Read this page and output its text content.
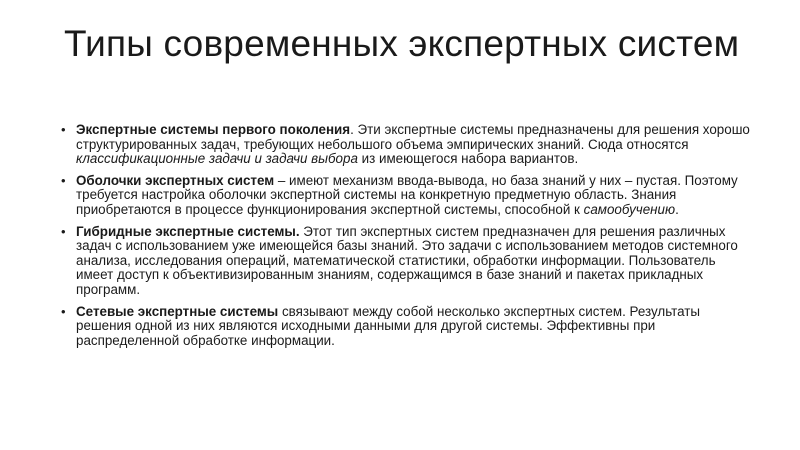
Типы современных экспертных систем
• Экспертные системы первого поколения. Эти экспертные системы предназначены для решения хорошо структурированных задач, требующих небольшого объема эмпирических знаний. Сюда относятся классификационные задачи и задачи выбора из имеющегося набора вариантов.
• Оболочки экспертных систем – имеют механизм ввода-вывода, но база знаний у них – пустая. Поэтому требуется настройка оболочки экспертной системы на конкретную предметную область. Знания приобретаются в процессе функционирования экспертной системы, способной к самообучению.
• Гибридные экспертные системы. Этот тип экспертных систем предназначен для решения различных задач с использованием уже имеющейся базы знаний. Это задачи с использованием методов системного анализа, исследования операций, математической статистики, обработки информации. Пользователь имеет доступ к объективизированным знаниям, содержащимся в базе знаний и пакетах прикладных программ.
• Сетевые экспертные системы связывают между собой несколько экспертных систем. Результаты решения одной из них являются исходными данными для другой системы. Эффективны при распределенной обработке информации.
